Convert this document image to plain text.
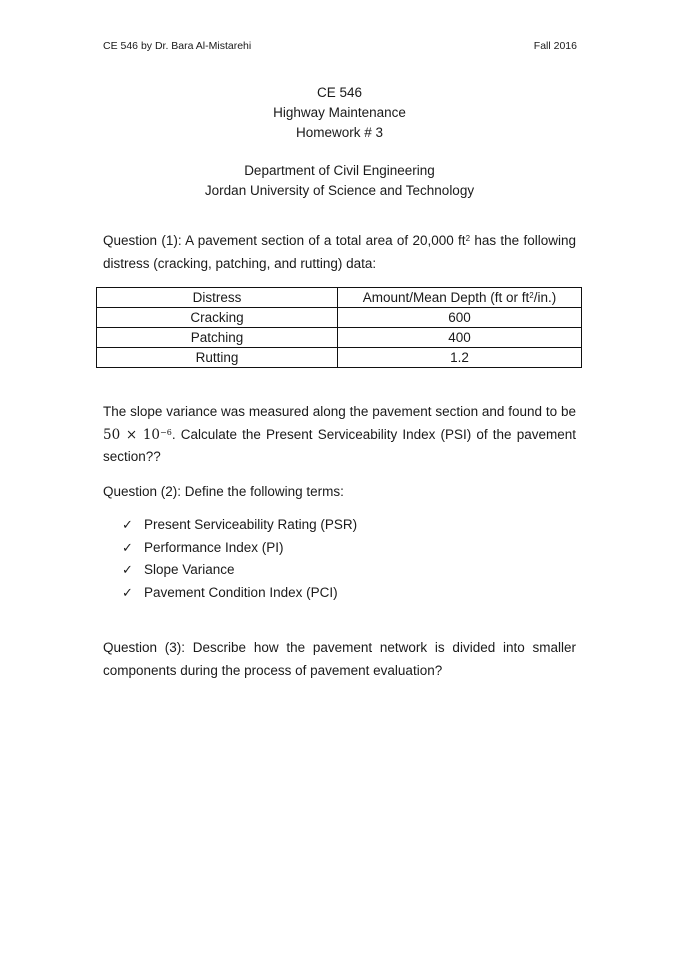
CE 546 by Dr. Bara Al-Mistarehi	Fall 2016
CE 546
Highway Maintenance
Homework # 3
Department of Civil Engineering
Jordan University of Science and Technology
Question (1): A pavement section of a total area of 20,000 $ft^2$ has the following distress (cracking, patching, and rutting) data:
Distress	Amount/Mean Depth (ft or $ft^2/in$.)
Cracking	600
Patching	400
Rutting	1.2
The slope variance was measured along the pavement section and found to be $50 \times 10^{-6}$. Calculate the Present Serviceability Index (PSI) of the pavement section??
Question (2): Define the following terms:
✓ Present Serviceability Rating (PSR)
✓ Performance Index (PI)
✓ Slope Variance
✓ Pavement Condition Index (PCI)
Question (3): Describe how the pavement network is divided into smaller components during the process of pavement evaluation?
